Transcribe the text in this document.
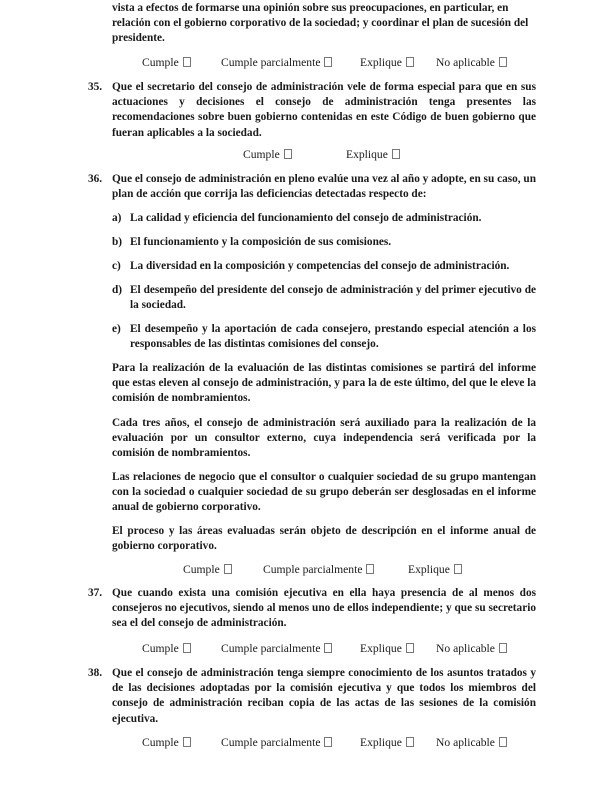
vista a efectos de formarse una opinión sobre sus preocupaciones, en particular, en

relación con el gobierno corporativo de la sociedad; y coordinar el plan de sucesión del

presidente.

Cumple	Cumple parcialmente	Explique	No aplicable
35. Que el secretario del consejo de administración vele de forma especial para que en sus actuaciones y decisiones el consejo de administración tenga presentes las recomendaciones sobre buen gobierno contenidas en este Código de buen gobierno que fueran aplicables a la sociedad.

Cumple	Explique
36. Que el consejo de administración en pleno evalúe una vez al año y adopte, en su caso, un plan de acción que corrija las deficiencias detectadas respecto de:

a) La calidad y eficiencia del funcionamiento del consejo de administración.

b) El funcionamiento y la composición de sus comisiones.

c) La diversidad en la composición y competencias del consejo de administración.

d) El desempeño del presidente del consejo de administración y del primer ejecutivo de la sociedad.

e) El desempeño y la aportación de cada consejero, prestando especial atención a los responsables de las distintas comisiones del consejo.

Para la realización de la evaluación de las distintas comisiones se partirá del informe que estas eleven al consejo de administración, y para la de este último, del que le eleve la comisión de nombramientos.

Cada tres años, el consejo de administración será auxiliado para la realización de la evaluación por un consultor externo, cuya independencia será verificada por la comisión de nombramientos.

Las relaciones de negocio que el consultor o cualquier sociedad de su grupo mantengan con la sociedad o cualquier sociedad de su grupo deberán ser desglosadas en el informe anual de gobierno corporativo.

El proceso y las áreas evaluadas serán objeto de descripción en el informe anual de gobierno corporativo.

Cumple	Cumple parcialmente	Explique
37. Que cuando exista una comisión ejecutiva en ella haya presencia de al menos dos consejeros no ejecutivos, siendo al menos uno de ellos independiente; y que su secretario sea el del consejo de administración.

Cumple	Cumple parcialmente	Explique	No aplicable
38. Que el consejo de administración tenga siempre conocimiento de los asuntos tratados y de las decisiones adoptadas por la comisión ejecutiva y que todos los miembros del consejo de administración reciban copia de las actas de las sesiones de la comisión ejecutiva.

Cumple	Cumple parcialmente	Explique	No aplicable
